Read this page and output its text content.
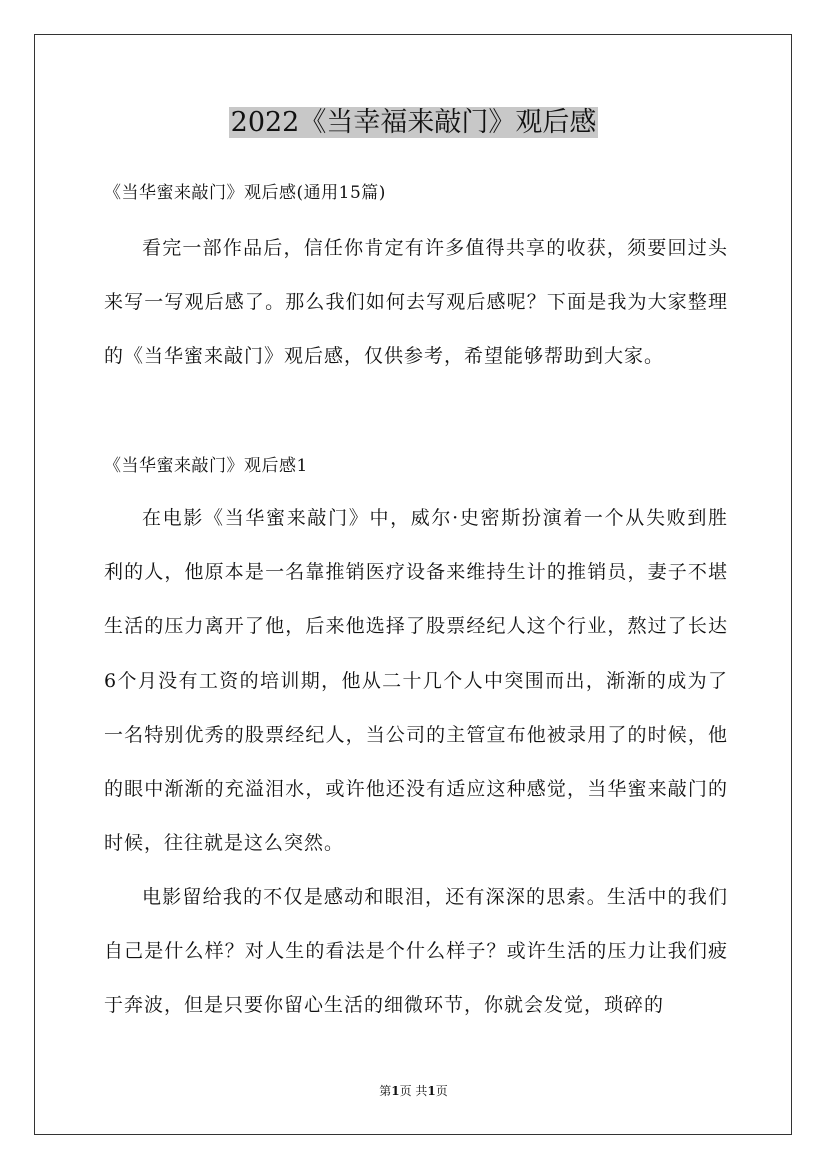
2022《当幸福来敲门》观后感

《当华蜜来敲门》观后感(通用15篇)

看完一部作品后，信任你肯定有许多值得共享的收获，须要回过头来写一写观后感了。那么我们如何去写观后感呢？下面是我为大家整理的《当华蜜来敲门》观后感，仅供参考，希望能够帮助到大家。

《当华蜜来敲门》观后感1

在电影《当华蜜来敲门》中，威尔·史密斯扮演着一个从失败到胜利的人，他原本是一名靠推销医疗设备来维持生计的推销员，妻子不堪生活的压力离开了他，后来他选择了股票经纪人这个行业，熬过了长达6个月没有工资的培训期，他从二十几个人中突围而出，渐渐的成为了一名特别优秀的股票经纪人，当公司的主管宣布他被录用了的时候，他的眼中渐渐的充溢泪水，或许他还没有适应这种感觉，当华蜜来敲门的时候，往往就是这么突然。

电影留给我的不仅是感动和眼泪，还有深深的思索。生活中的我们自己是什么样？对人生的看法是个什么样子？或许生活的压力让我们疲于奔波，但是只要你留心生活的细微环节，你就会发觉，琐碎的

第1页 共1页
